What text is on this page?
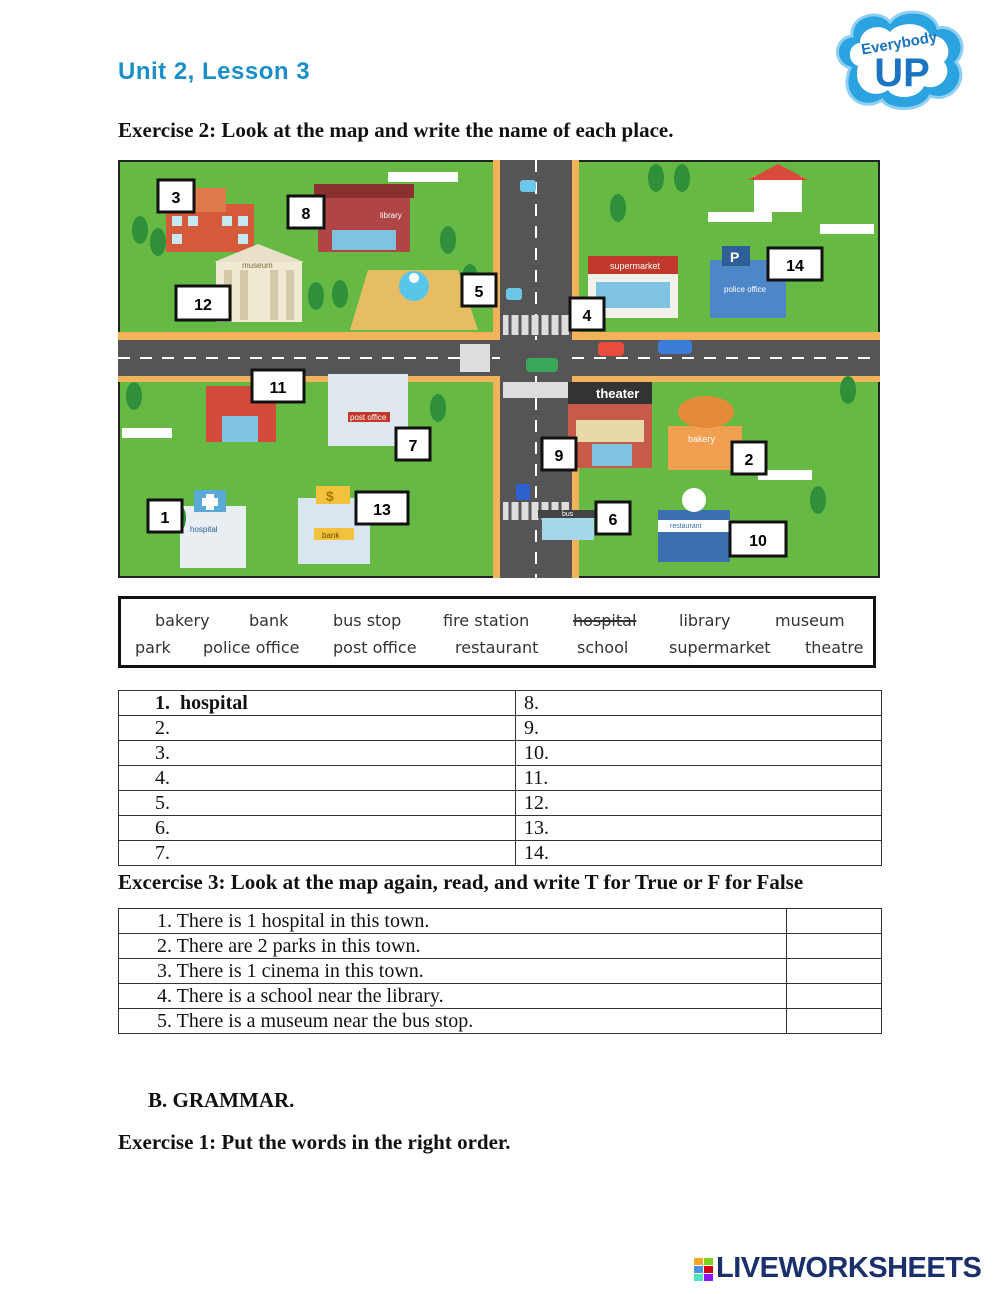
Unit 2, Lesson 3
Everybody
UP
Exercise 2: Look at the map and write the name of each place.
library
museum	supermarket
P
police office
post office
theater
bakery
hospital
$
bank
bus
restaurant
3
8
12
5
4
14
11
7
9	2
1	13
6
10
bakery bank	bus stop	fire station	hospital	library	museum
park police office post office restaurant school	supermarket theatre
1. hospital	8.
2.	9.
3.	10.
4.	11.
5.	12.
6.	13.
7.	14.
Excercise 3: Look at the map again, read, and write T for True or F for False
1. There is 1 hospital in this town.	
2. There are 2 parks in this town.	
3. There is 1 cinema in this town.	
4. There is a school near the library.	
5. There is a museum near the bus stop.	
B. GRAMMAR.
Exercise 1: Put the words in the right order.
LIVEWORKSHEETS
